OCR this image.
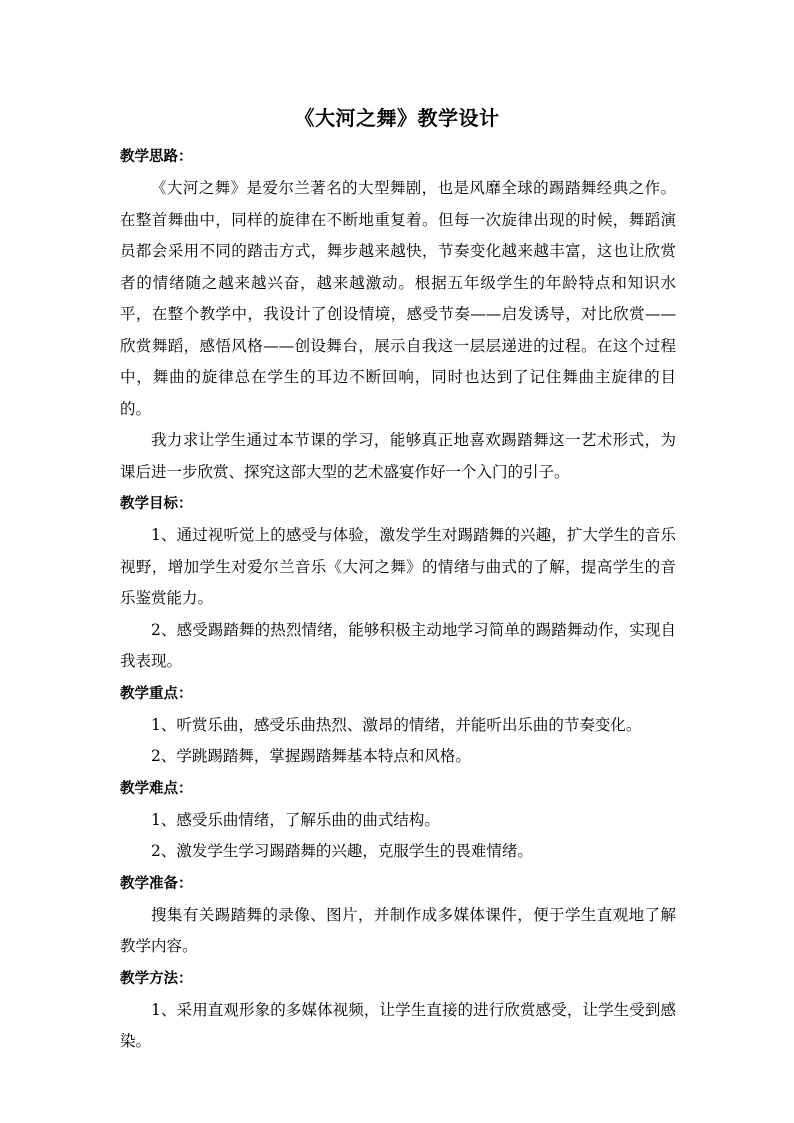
《大河之舞》教学设计
教学思路：

《大河之舞》是爱尔兰著名的大型舞剧，也是风靡全球的踢踏舞经典之作。在整首舞曲中，同样的旋律在不断地重复着。但每一次旋律出现的时候，舞蹈演员都会采用不同的踏击方式，舞步越来越快，节奏变化越来越丰富，这也让欣赏者的情绪随之越来越兴奋，越来越激动。根据五年级学生的年龄特点和知识水平，在整个教学中，我设计了创设情境，感受节奏——启发诱导，对比欣赏——欣赏舞蹈，感悟风格——创设舞台，展示自我这一层层递进的过程。在这个过程中，舞曲的旋律总在学生的耳边不断回响，同时也达到了记住舞曲主旋律的目的。

我力求让学生通过本节课的学习，能够真正地喜欢踢踏舞这一艺术形式，为课后进一步欣赏、探究这部大型的艺术盛宴作好一个入门的引子。

教学目标：

1、通过视听觉上的感受与体验，激发学生对踢踏舞的兴趣，扩大学生的音乐视野，增加学生对爱尔兰音乐《大河之舞》的情绪与曲式的了解，提高学生的音乐鉴赏能力。

2、感受踢踏舞的热烈情绪，能够积极主动地学习简单的踢踏舞动作，实现自我表现。

教学重点：

1、听赏乐曲，感受乐曲热烈、激昂的情绪，并能听出乐曲的节奏变化。

2、学跳踢踏舞，掌握踢踏舞基本特点和风格。

教学难点：

1、感受乐曲情绪，了解乐曲的曲式结构。

2、激发学生学习踢踏舞的兴趣，克服学生的畏难情绪。

教学准备：

搜集有关踢踏舞的录像、图片，并制作成多媒体课件，便于学生直观地了解教学内容。

教学方法：

1、采用直观形象的多媒体视频，让学生直接的进行欣赏感受，让学生受到感染。
